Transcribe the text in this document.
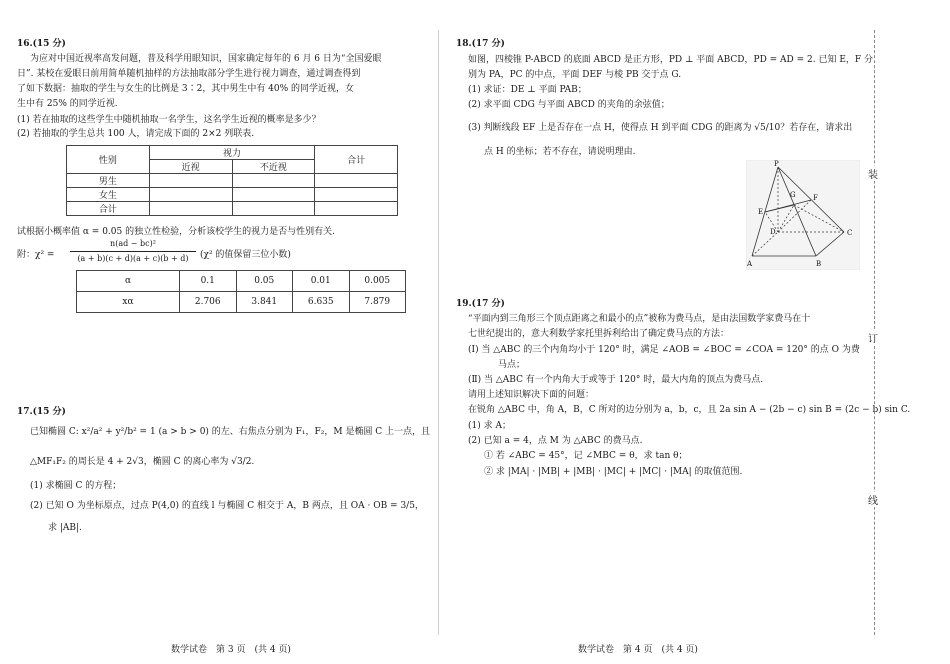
16.(15 分)
为应对中国近视率高发问题，普及科学用眼知识，国家确定每年的 6 月 6 日为“全国爱眼
日”. 某校在爱眼日前用简单随机抽样的方法抽取部分学生进行视力调查，通过调查得到
了如下数据：抽取的学生与女生的比例是 3∶2，其中男生中有 40% 的同学近视，女
生中有 25% 的同学近视.
(1) 若在抽取的这些学生中随机抽取一名学生，这名学生近视的概率是多少？
(2) 若抽取的学生总共 100 人，请完成下面的 2×2 列联表.
性别	视力		合计
	近视	不近视	
男生			
女生			
合计			
试根据小概率值 α = 0.05 的独立性检验，分析该校学生的视力是否与性别有关.
附：χ² =
n(ad − bc)²
(a + b)(c + d)(a + c)(b + d)	(χ² 的值保留三位小数)
α	0.1	0.05	0.01	0.005
xα	2.706	3.841	6.635	7.879
17.(15 分)
已知椭圆 C: x²/a² + y²/b² = 1 (a > b > 0) 的左、右焦点分别为 F₁，F₂，M 是椭圆 C 上一点，且
△MF₁F₂ 的周长是 4 + 2√3，椭圆 C 的离心率为 √3/2.
(1) 求椭圆 C 的方程；
(2) 已知 O 为坐标原点，过点 P(4,0) 的直线 l 与椭圆 C 相交于 A，B 两点，且 OA · OB = 3/5，
求 |AB|.
数学试卷　第 3 页　(共 4 页)
18.(17 分)
如图，四棱锥 P-ABCD 的底面 ABCD 是正方形，PD ⊥ 平面 ABCD，PD = AD = 2. 已知 E，F 分
别为 PA，PC 的中点，平面 DEF 与棱 PB 交于点 G.
(1) 求证：DE ⊥ 平面 PAB；
(2) 求平面 CDG 与平面 ABCD 的夹角的余弦值；
(3) 判断线段 EF 上是否存在一点 H，使得点 H 到平面 CDG 的距离为 √5/10？若存在，请求出
点 H 的坐标；若不存在，请说明理由.
P
G F
E
D	C
A	B
19.(17 分)
“平面内到三角形三个顶点距离之和最小的点”被称为费马点，是由法国数学家费马在十
七世纪提出的，意大利数学家托里拆利给出了确定费马点的方法：
(Ⅰ) 当 △ABC 的三个内角均小于 120° 时，满足 ∠AOB = ∠BOC = ∠COA = 120° 的点 O 为费
马点；
(Ⅱ) 当 △ABC 有一个内角大于或等于 120° 时，最大内角的顶点为费马点.
请用上述知识解决下面的问题：
在锐角 △ABC 中，角 A，B，C 所对的边分别为 a，b，c，且 2a sin A − (2b − c) sin B = (2c − b) sin C.
(1) 求 A；
(2) 已知 a = 4，点 M 为 △ABC 的费马点.
① 若 ∠ABC = 45°，记 ∠MBC = θ，求 tan θ；
② 求 |MA| · |MB| + |MB| · |MC| + |MC| · |MA| 的取值范围.
数学试卷　第 4 页　(共 4 页)
装
订
线
